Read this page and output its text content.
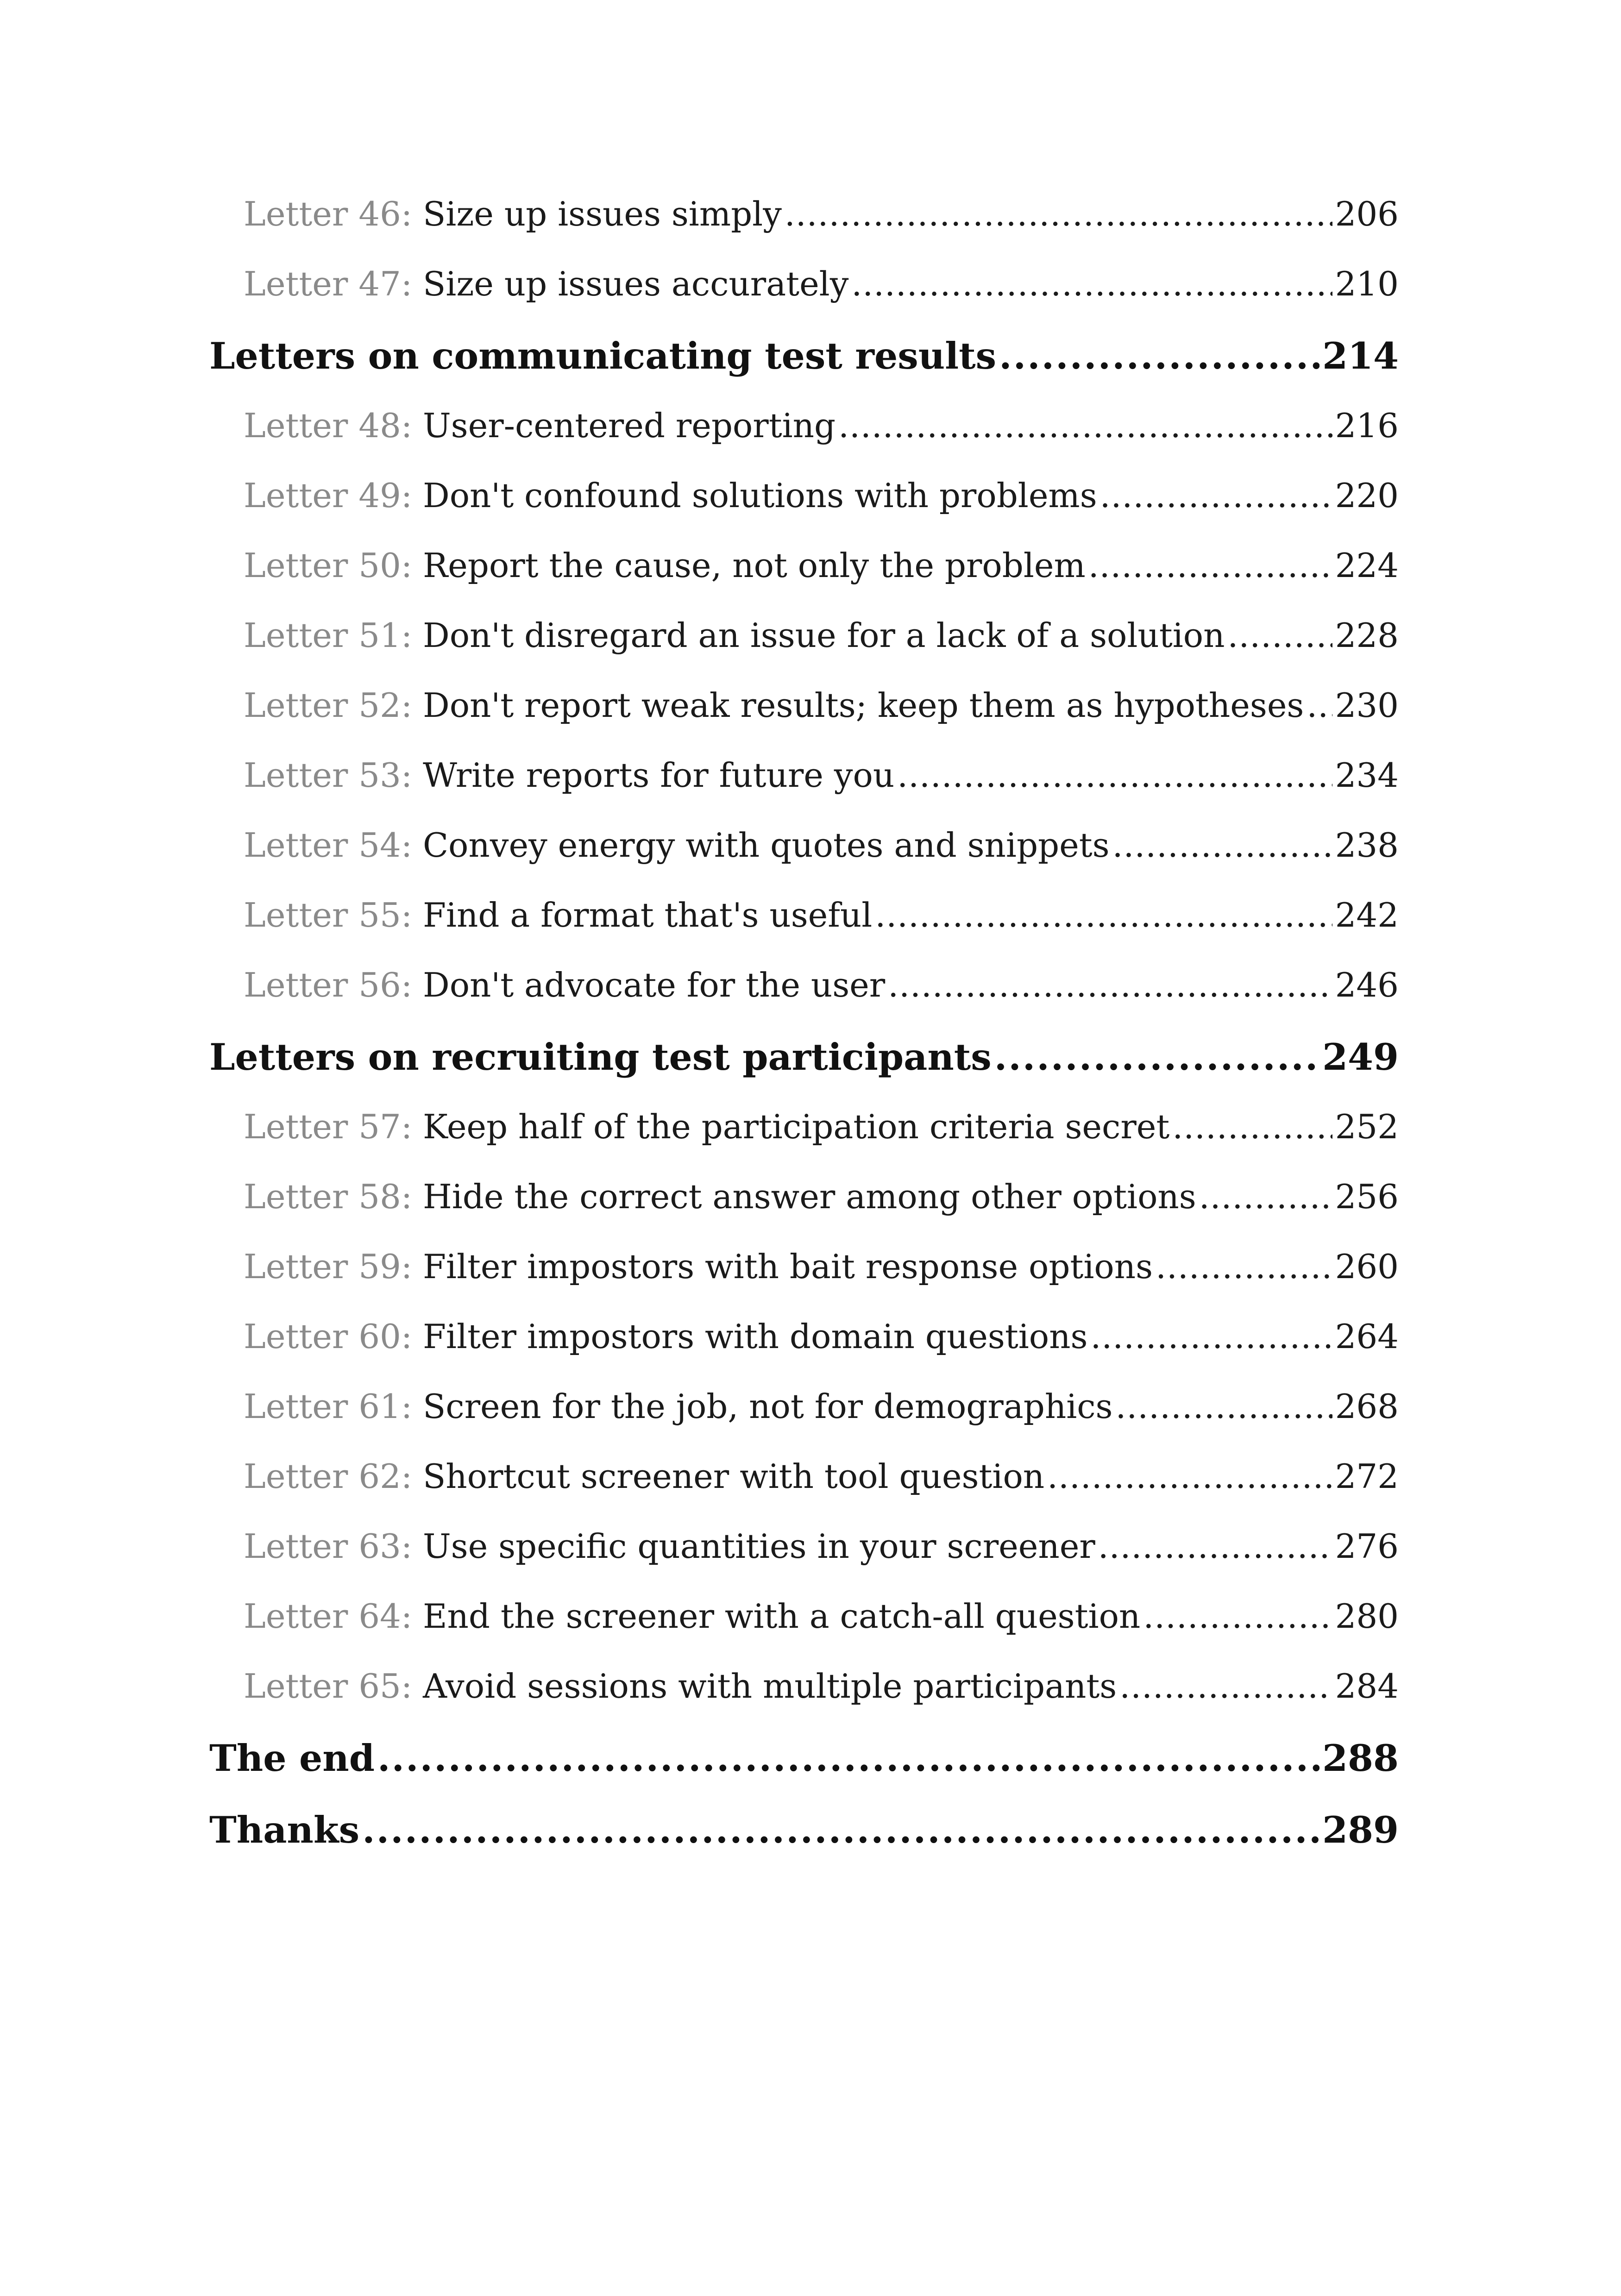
Letter 46: Size up issues simply .....	206
Letter 47: Size up issues accurately .....	210
Letters on communicating test results .....	214
Letter 48: User-centered reporting .....	216
Letter 49: Don't confound solutions with problems .....	220
Letter 50: Report the cause, not only the problem .....	224
Letter 51: Don't disregard an issue for a lack of a solution .....	228
Letter 52: Don't report weak results; keep them as hypotheses ..... 230
Letter 53: Write reports for future you .....	234
Letter 54: Convey energy with quotes and snippets .....	238
Letter 55: Find a format that's useful .....	242
Letter 56: Don't advocate for the user .....	246
Letters on recruiting test participants .....	249
Letter 57: Keep half of the participation criteria secret .....	252
Letter 58: Hide the correct answer among other options .....	256
Letter 59: Filter impostors with bait response options .....	260
Letter 60: Filter impostors with domain questions .....	264
Letter 61: Screen for the job, not for demographics .....	268
Letter 62: Shortcut screener with tool question .....	272
Letter 63: Use specific quantities in your screener .....	276
Letter 64: End the screener with a catch-all question .....	280
Letter 65: Avoid sessions with multiple participants .....	284
The end .....	288
Thanks .....	289
